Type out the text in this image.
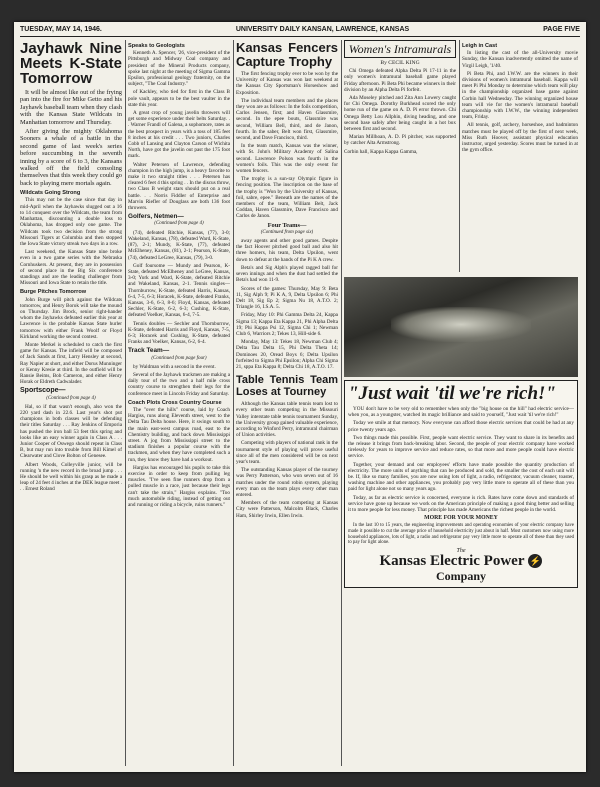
TUESDAY, MAY 14, 1946.	UNIVERSITY DAILY KANSAN, LAWRENCE, KANSAS	PAGE FIVE
Jayhawk Nine Meets K-State Tomorrow

It will be almost like out of the frying pan into the fire for Mike Getto and his Jayhawk baseball team when they clash with the Kansas State Wildcats in Manhattan tomorrow and Thursday.

After giving the mighty Oklahoma Sooners a whale of a battle in the second game of last week's series before succumbing in the seventh inning by a score of 6 to 3, the Kansans walked off the field consoling themselves that this week they could go back to playing mere mortals again.

Wildcats Going Strong

This may not be the case since that day in mid-April when the Jayhawks slugged out a 16 to 14 conquest over the Wildcats, the team from Manhattan, discounting a double loss to Oklahoma, has dropped only one game. The Wildcats took two decision from the strong Missouri Tigers at Columbia and then stopped the Iowa State victory streak two days in a row.

Last weekend, the Kansas State nine broke even in a two game series with the Nebraska Cornhuskers. At present, they are in possession of second place in the Big Six conference standings and are the leading challenger from Missouri and Iowa State to retain the title.

Burge Pitches Tomorrow

John Burge will pitch against the Wildcats tomorrow, and Henry Borok will take the mound on Thursday. Jim Brock, senior right-hander whom the Jayhawks defeated earlier this year at Lawrence is the probable Kansas State hurler tomorrow with either Frank Woolf or Floyd Kirkland working the second contest.

Monte Merkel is scheduled to catch the first game for Kansas. The infield will be composed of Jack Sands at first, Larry Hensley at second, Ray Napier at short, and either Dorus Munninger or Kenny Kresie at third. In the outfield will be Ransie Beims, Bob Cameron, and either Henry Horak or Eldreth Cadwalader.

Sportscope—
(Continued from page 4)

Hal, so if that wasn't enough, also won the 220 yard dash in 22.6. Last year's shot put champions in both classes will be defending their titles Saturday . . . Ray Jenkins of Emporia has pushed the iron ball 53 feet this spring and looks like an easy winner again in Class A . . . Junior Cooper of Oswego should repeat in Class B, but may run into trouble from Bill Kimel of Clearwater and Clove Bolton of Genesee.

Albert Woods, Colleyville junior, will be running 'n the new record in the broad jump . . . He should be well within his grasp as he made a leap of 24 feet 4 inches at the DEK league meet . . . Ernest Roland

Speaks to Geologists

Kenneth A. Spencer, '26, vice-president of the Pittsburgh and Midway Coal company and president of the Mineral Products company, spoke last night at the meeting of Sigma Gamma Epsilon, professional geology fraternity, on the subject, "The Coal Industry."

of Kackley, who tied for first in the Class B pole vault, appears to be the best vaulter in the state this year.

A great crop of young javelin throwers will get some experience under their belts Saturday. . . Warner Frandl of Galena, a sophomore, rates as the best prospect in years with a toss of 185 feet 8 inches at his credit . . . Two juniors, Charles Cobb of Lansing and Clayton Carson of Wichita North, have got the javelin out past the 175 foot mark.

Walter Petersen of Lawrence, defending champion in the high jump, is a heavy favorite to make it two straight titles . . . Petersen has cleared 6 feet 4 this spring . . In the discus throw, two Class B weight stars should put on a real battle. . . Norris Fiddler of Enterprise and Marvin Riefler of Douglass are both 136 foot throwers.

Golfers, Netmen—
(Continued from page 4)

(74), defeated Ritchie, Kansas, (77), 3-0; Wakeland, Kansas, (78), defeated Ward, K-State, (87), 2-1; Mundy, K-State, (77), defeated McElheney, Kansas, (81), 2-1; Pearson, K-State, (74), defeated LeGree, Kansas, (79), 3-0.

Golf foursome — Mundy and Pearson, K-State, defeated McElheney and LeGree, Kansas, 3-0; York and Ward, K-State, defeated Ritchie and Wakeland, Kansas, 2-1. Tennis singles—Thornburrow, K-State, defeated Harris, Kansas, 6-4, 7-5, 6-3; Horacek, K-State, defeated Franks, Kansas, 3-6, 6-3, 8-6; Floyd, Kansas, defeated Sechler, K-State, 6-2, 6-3; Cushing, K-State, defeated Voelker, Kansas, 6-4, 7-5.

Tennis doubles — Sechler and Thornburrow, K-State, defeated Harris and Floyd, Kansas, 7-5, 6-3; Horacek and Cushing, K-State, defeated Franks and Voelker, Kansas, 6-2, 6-4.

Track Team—
(Continued from page four)

by Waldman with a second in the event.

Several of the Jayhawk trackmen are making a daily tour of the two and a half mile cross country course to strengthen their legs for the conference meet in Lincoln Friday and Saturday.

Coach Plots Cross Country Course

The "over the hills" course, laid by Coach Hargiss, runs along Eleventh street, west to the Delta Tau Delta house. Here, it swings south to the main east-west campus road, east to the Chemistry building, and back down Mississippi street. A jog from Mississippi street to the stadium finishes a popular course with the trackmen, and when they have completed such a run, they know they have had a workout.

Hargiss has encouraged his pupils to take this exercise in order to keep from pulling leg muscles. "I've seen fine runners drop from a pulled muscle in a race, just because their legs can't take the strain," Hargiss explains. "Too much automobile riding, instead of getting out and running or riding a bicycle, ruins runners."

Kansas Fencers Capture Trophy

The first fencing trophy ever to be won by the University of Kansas was won last weekend at the Kansas City Sportsman's Horseshow and Exposition.

The individual team members and the places they won are as follows: In the foils competition, Carlos Jensen, first; and Haven Glassmire, second. In the epee bouts, Glassmire was second, William Bell, third, and de Janon, fourth. In the saber, Belt won first, Glassmire, second, and Dave Francisco, third.

In the team match, Kansas was the winner, with St. John's Military Academy of Salina second. Lawrence Polson was fourth in the women's foils. This was the only event for women fencers.

The trophy is a sun-ray Olympic figure in fencing position. The inscription on the base of the trophy is "Won by the University of Kansas, foil, sabre, epee." Beneath are the names of the members of the team, William Belt, Jack Coddan, Haven Glassmire, Dave Francisco and Carlos de Janon.

Four Teams—
(Continued from page six)

away agents and other good games. Despite the fact Hoover pitched good ball and also hit three homers, his team, Delta Upsilon, went down to defeat at the hands of the Pi K A crew.

Beta's and Sig Alph's played ragged ball for seven innings and when the dust had settled the Beta's had won 11-9.

Scores of the games: Thursday, May 9: Beta 11, Sig Alph 9; Pi K A, 9, Delta Upsilon 6; Phi Delt 18, Sig Ep 2; Sigma Nu 18, A.T.O. 2; Triangle 16, I.S.A. 5.

Friday, May 10: Phi Gamma Delta 24, Kappa Sigma 13; Kappa Eta Kappa 21, Phi Alpha Delta 19; Phi Kappa Psi 12, Sigma Chi 1; Newman Club 6, Warriors 2; Tekes 13, Hill-side 6.

Monday, May 13: Tekes 18, Newman Club 4; Delta Tau Delta 15, Phi Delta Theta 14; Dominoes 20, Oread Boys 6; Delta Upsilon forfeited to Sigma Phi Epsilon; Alpha Chi Sigma 21, sppa Eta Kappa 8; Delta Chi 18, A.T.O. 17.

Table Tennis Team Loses at Tourney

Although the Kansas table tennis team lost to every other team competing in the Missouri Valley interstate table tennis tournament Sunday, the University group gained valuable experience, according to Winford Perry, intramural chairman of Union activities.

Competing with players of national rank in the tournament style of playing will prove useful since all of the men considered will be on next year's team.

The outstanding Kansas player of the tourney was Perry Patterson, who won seven out of 16 matches under the round robin system, playing every man on the team plays every other man entered.

Members of the team competing at Kansas City were Patterson, Malcolm Black, Charles Ham, Shirley Irwin, Ellen Irwin.

Women's Intramurals
By CECIL KING

Chi Omega defeated Alpha Delta Pi 17-11 in the only women's intramural baseball game played Friday afternoon. Pi Beta Phi became winners in their division by an Alpha Delta Pi forfeit.

Ada Moseley pitched and Zita Ann Lowery caught for Chi Omega. Dorothy Burkhead scored the only home run of the game on A. D. Pi error thrown. Chi Omega Betty Lou Allphin, diving heading, and one second base safely after being caught in a hot box between first and second.

Marian Millhoan, A. D. Pi pitcher, was supported by catcher Alta Armstrong.

Corbin hall, Kappa Kappa Gamma,
Leigh in Cast

In listing the cast of the all-University movie Sunday, the Kansan inadvertently omitted the name of Virgil Leigh, '1/40.

Pi Beta Phi, and I.W.W. are the winners in their divisions of women's intramural baseball. Kappa will meet Pi Phi Monday to determine which team will play in the championship organized base game against Corbin hall Wednesday. The winning organized house team will vie for the women's intramural baseball championship with I.W.W., the winning independent team, Friday.

All tennis, golf, archery, horseshoe, and badminton matches must be played off by the first of next week, Miss Ruth Hoover, assistant physical education instructor, urged yesterday. Scores must be turned in at the gym office.

"Just wait 'til we're rich!"

YOU don't have to be very old to remember when only the "big house on the hill" had electric service—when you, as a youngster, watched its magic brilliance and said to yourself, "Just wait 'til we're rich!"

Today we smile at that memory. Now everyone can afford those electric services that could be had at any price twenty years ago.

Two things made this possible. First, people want electric service. They want to share in its benefits and the release it brings from back-breaking labor. Second, the people of your electric company have worked tirelessly for years to improve service and reduce rates, so that more and more people could have electric service.

Together, your demand and our employees' efforts have made possible the quantity production of electricity. The more units of anything that can be produced and sold, the smaller the cost of each unit will be. If, like so many families, you are now using lots of light, a radio, refrigerator, vacuum cleaner, toaster, washing machine and other appliances, you probably pay very little more to operate all of these than you paid for light alone not so many years ago.

Today, as far as electric service is concerned, everyone is rich. Rates have come down and standards of service have gone up because we work on the American principle of making a good thing better and selling it to more people for less money. That principle has made Americans the richest people in the world.

MORE FOR YOUR MONEY

In the last 10 to 15 years, the engineering improvements and operating economies of your electric company have made it possible to cut the average price of household electricity just about in half. Most customers now using more household appliances, lots of light, a radio and refrigerator pay very little more to operate all of these than they used to pay for light alone.

The
Kansas Electric Power ⚡
Company
